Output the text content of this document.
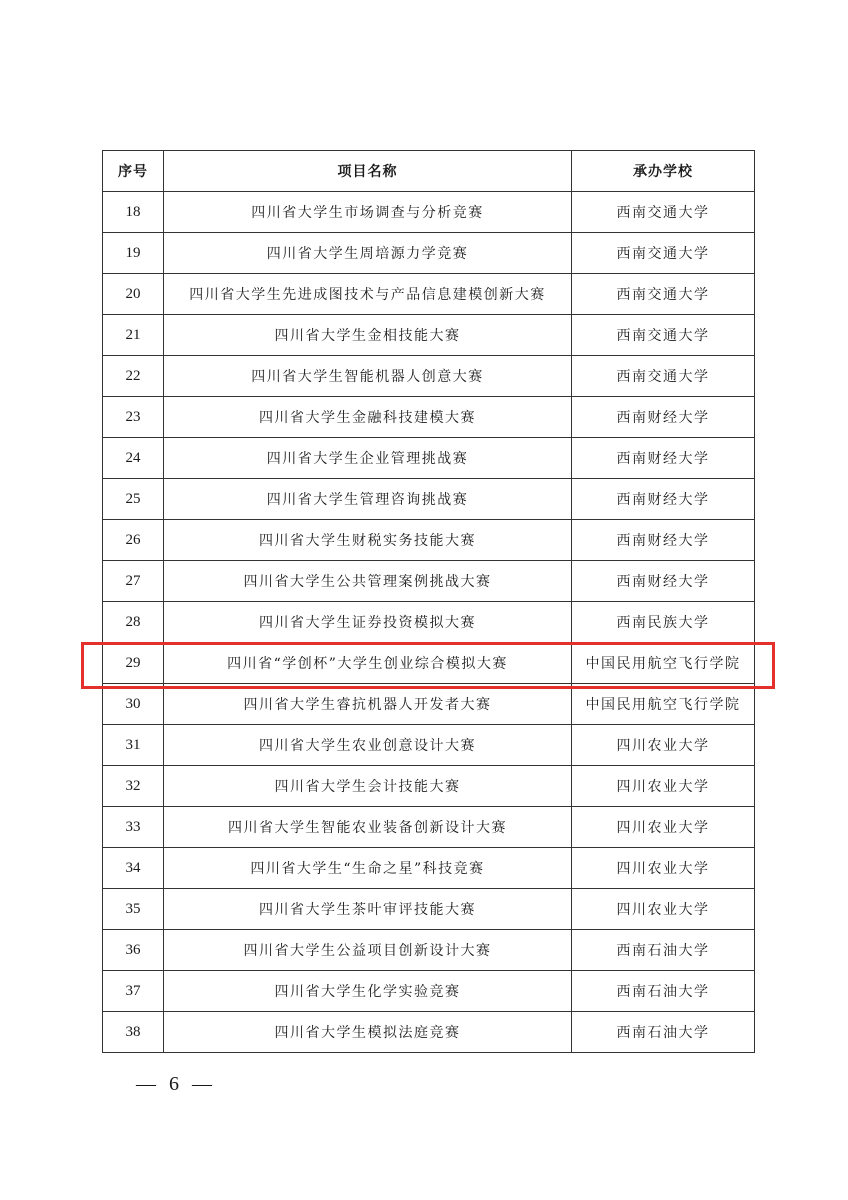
序号	项目名称	承办学校
18	四川省大学生市场调查与分析竞赛	西南交通大学
19	四川省大学生周培源力学竞赛	西南交通大学
20	四川省大学生先进成图技术与产品信息建模创新大赛	西南交通大学
21	四川省大学生金相技能大赛	西南交通大学
22	四川省大学生智能机器人创意大赛	西南交通大学
23	四川省大学生金融科技建模大赛	西南财经大学
24	四川省大学生企业管理挑战赛	西南财经大学
25	四川省大学生管理咨询挑战赛	西南财经大学
26	四川省大学生财税实务技能大赛	西南财经大学
27	四川省大学生公共管理案例挑战大赛	西南财经大学
28	四川省大学生证券投资模拟大赛	西南民族大学
29	四川省“学创杯”大学生创业综合模拟大赛	中国民用航空飞行学院
30	四川省大学生睿抗机器人开发者大赛	中国民用航空飞行学院
31	四川省大学生农业创意设计大赛	四川农业大学
32	四川省大学生会计技能大赛	四川农业大学
33	四川省大学生智能农业装备创新设计大赛	四川农业大学
34	四川省大学生“生命之星”科技竞赛	四川农业大学
35	四川省大学生茶叶审评技能大赛	四川农业大学
36	四川省大学生公益项目创新设计大赛	西南石油大学
37	四川省大学生化学实验竞赛	西南石油大学
38	四川省大学生模拟法庭竞赛	西南石油大学
— 6 —
